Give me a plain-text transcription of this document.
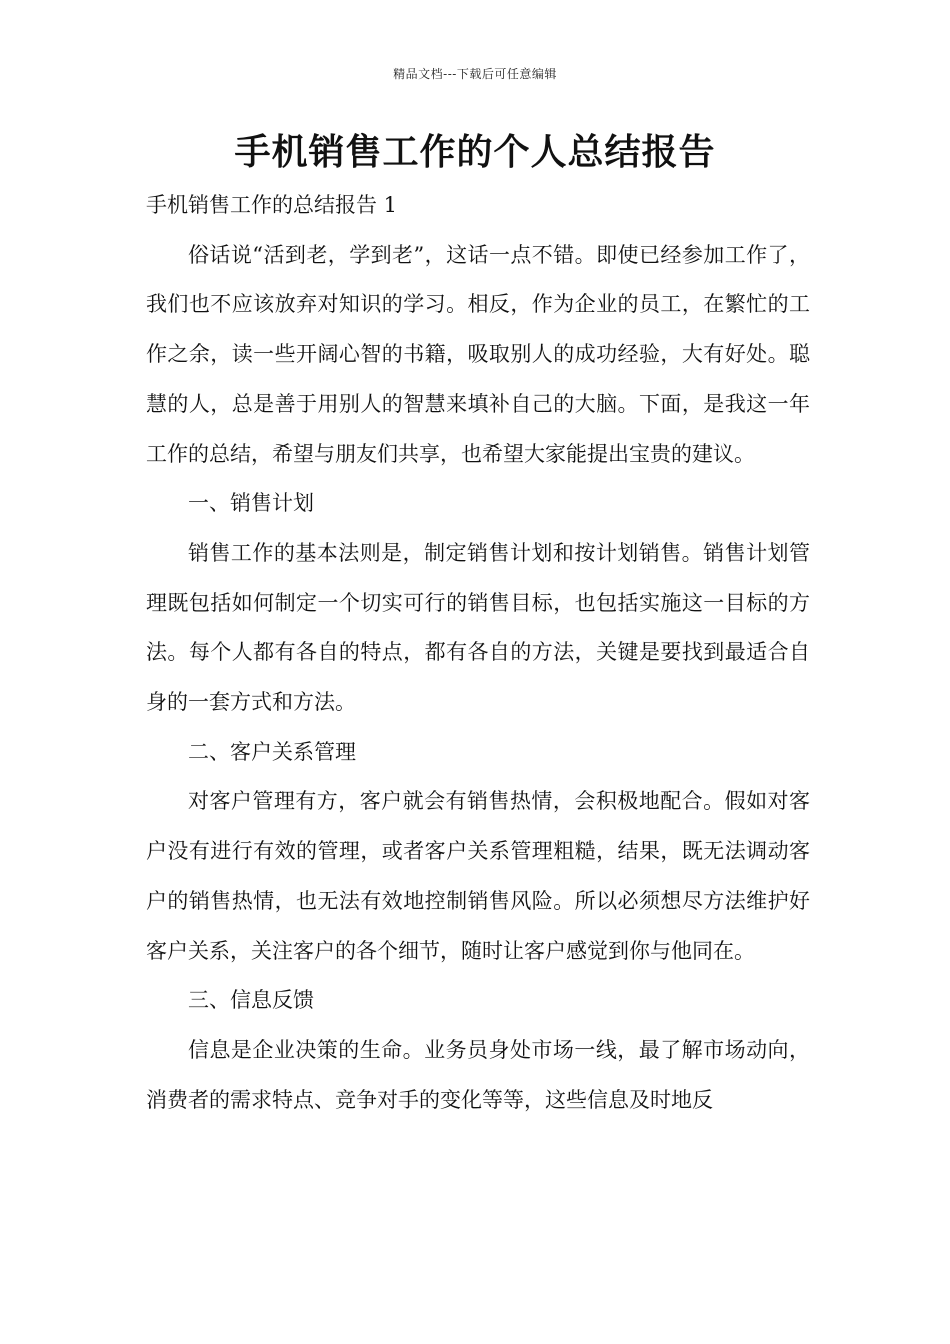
精品文档---下载后可任意编辑
手机销售工作的个人总结报告

手机销售工作的总结报告 1

俗话说“活到老，学到老”，这话一点不错。即使已经参加工作了，我们也不应该放弃对知识的学习。相反，作为企业的员工，在繁忙的工作之余，读一些开阔心智的书籍，吸取别人的成功经验，大有好处。聪慧的人，总是善于用别人的智慧来填补自己的大脑。下面，是我这一年工作的总结，希望与朋友们共享，也希望大家能提出宝贵的建议。

一、销售计划

销售工作的基本法则是，制定销售计划和按计划销售。销售计划管理既包括如何制定一个切实可行的销售目标，也包括实施这一目标的方法。每个人都有各自的特点，都有各自的方法，关键是要找到最适合自身的一套方式和方法。

二、客户关系管理

对客户管理有方，客户就会有销售热情，会积极地配合。假如对客户没有进行有效的管理，或者客户关系管理粗糙，结果，既无法调动客户的销售热情，也无法有效地控制销售风险。所以必须想尽方法维护好客户关系，关注客户的各个细节，随时让客户感觉到你与他同在。

三、信息反馈

信息是企业决策的生命。业务员身处市场一线，最了解市场动向，消费者的需求特点、竞争对手的变化等等，这些信息及时地反
